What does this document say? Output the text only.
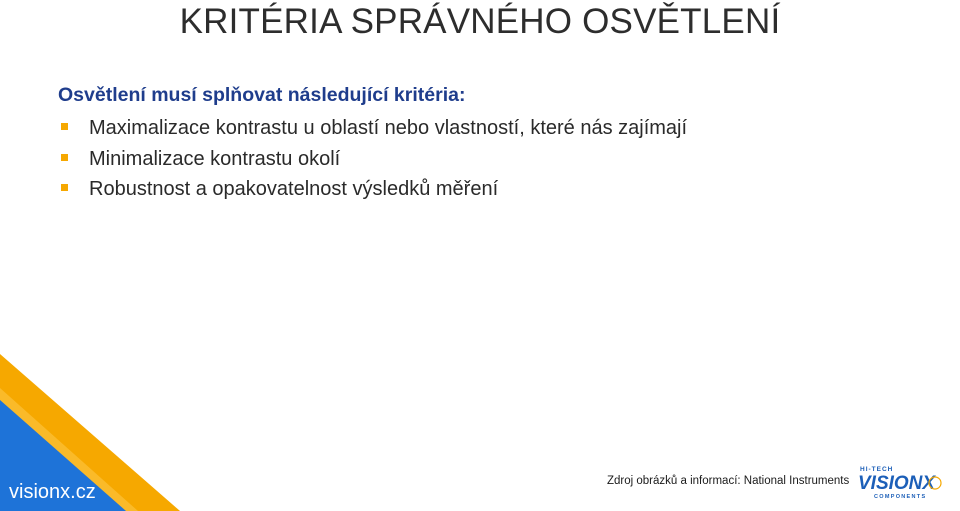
KRITÉRIA SPRÁVNÉHO OSVĚTLENÍ
Osvětlení musí splňovat následující kritéria:
Maximalizace kontrastu u oblastí nebo vlastností, které nás zajímají
Minimalizace kontrastu okolí
Robustnost a opakovatelnost výsledků měření
visionx.cz	Zdroj obrázků a informací: National Instruments
HI-TECH
VISIONX
COMPONENTS
